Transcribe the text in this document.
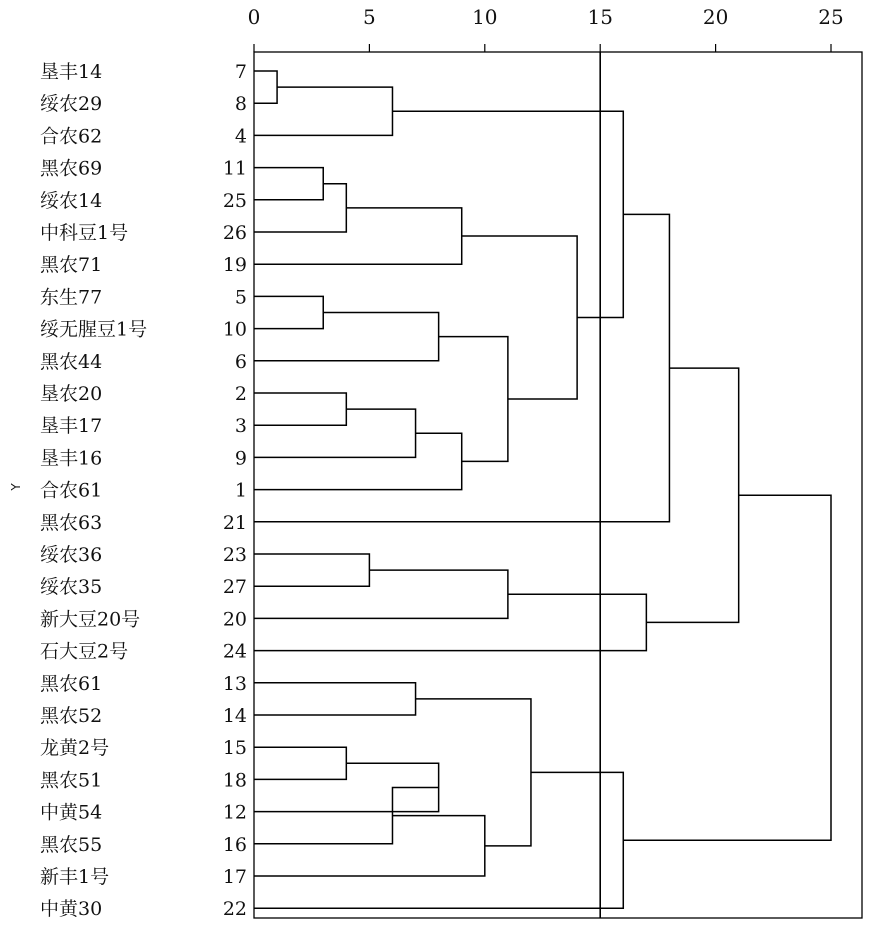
0	5	10	15	20	25
垦丰14	7
绥农29	8
合农62	4
黑农69	11
绥农14	25
中科豆1号	26
黑农71	19
东生77	5
绥无腥豆1号	10
黑农44	6
垦农20	2
垦丰17	3
垦丰16	9
合农61	1
黑农63	21
绥农36	23
绥农35	27
新大豆20号	20
石大豆2号	24
黑农61	13
黑农52	14
龙黄2号	15
黑农51	18
中黄54	12
黑农55	16
新丰1号	17
中黄30	22
Y
